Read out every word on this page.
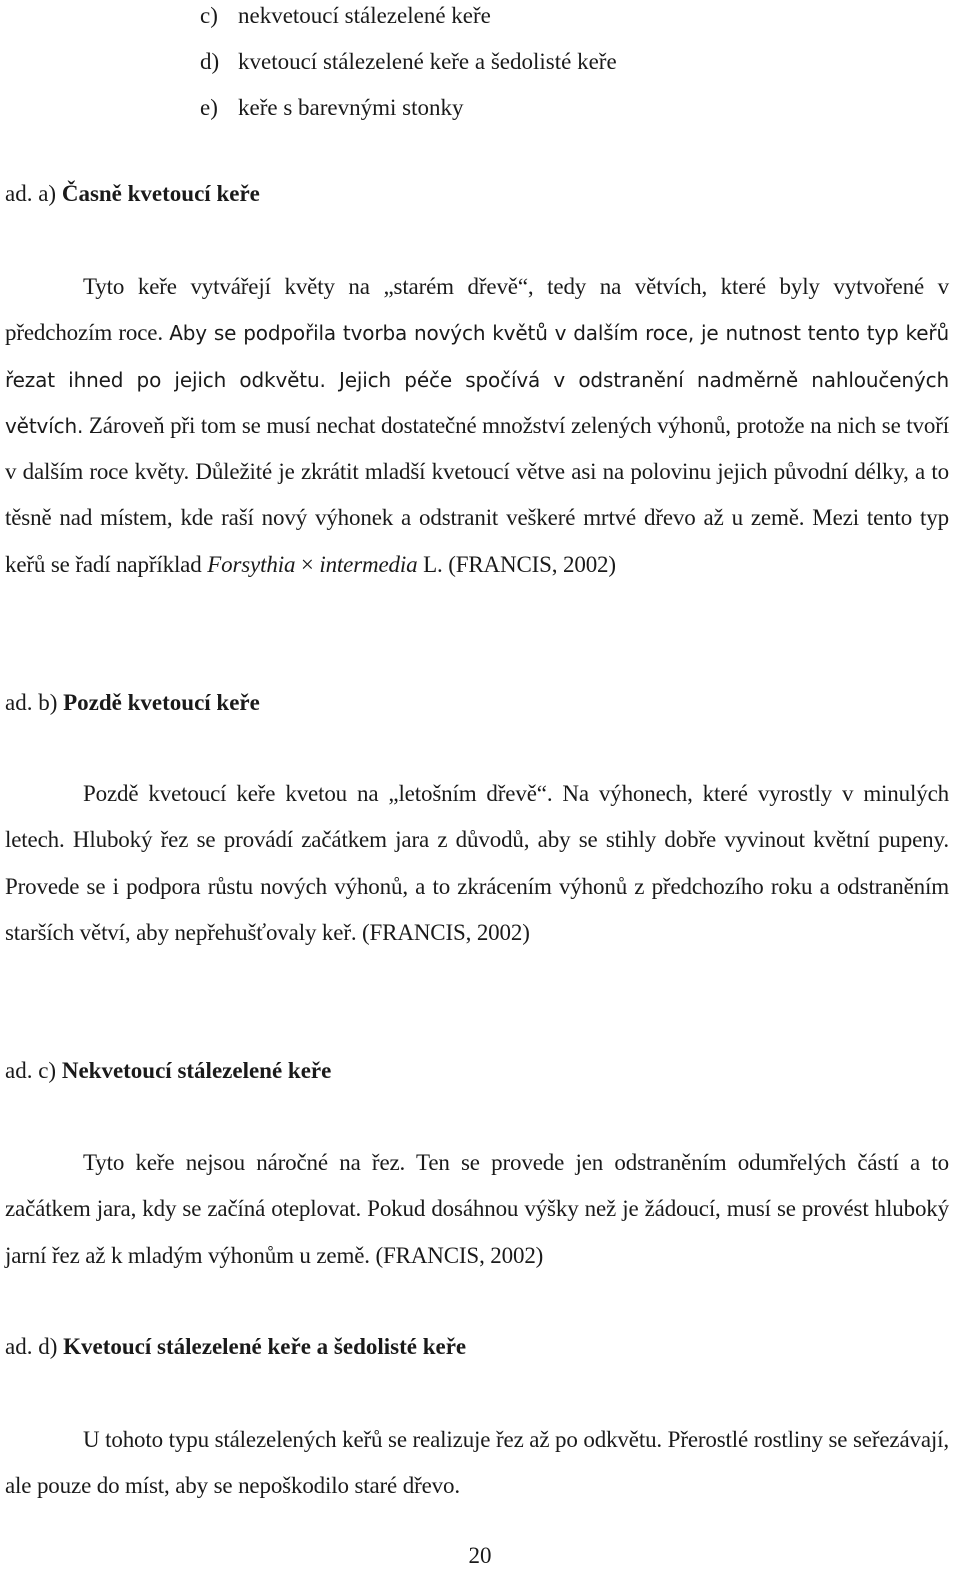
c) nekvetoucí stálezelené keře
d) kvetoucí stálezelené keře a šedolisté keře
e) keře s barevnými stonky
ad. a) Časně kvetoucí keře

Tyto keře vytvářejí květy na „starém dřevě“, tedy na větvích, které byly vytvořené v předchozím roce. Aby se podpořila tvorba nových květů v dalším roce, je nutnost tento typ keřů řezat ihned po jejich odkvětu. Jejich péče spočívá v odstranění nadměrně nahloučených větvích. Zároveň při tom se musí nechat dostatečné množství zelených výhonů, protože na nich se tvoří v dalším roce květy. Důležité je zkrátit mladší kvetoucí větve asi na polovinu jejich původní délky, a to těsně nad místem, kde raší nový výhonek a odstranit veškeré mrtvé dřevo až u země. Mezi tento typ keřů se řadí například Forsythia × intermedia L. (FRANCIS, 2002)

ad. b) Pozdě kvetoucí keře

Pozdě kvetoucí keře kvetou na „letošním dřevě“. Na výhonech, které vyrostly v minulých letech. Hluboký řez se provádí začátkem jara z důvodů, aby se stihly dobře vyvinout květní pupeny. Provede se i podpora růstu nových výhonů, a to zkrácením výhonů z předchozího roku a odstraněním starších větví, aby nepřehušťovaly keř. (FRANCIS, 2002)

ad. c) Nekvetoucí stálezelené keře

Tyto keře nejsou náročné na řez. Ten se provede jen odstraněním odumřelých částí a to začátkem jara, kdy se začíná oteplovat. Pokud dosáhnou výšky než je žádoucí, musí se provést hluboký jarní řez až k mladým výhonům u země. (FRANCIS, 2002)

ad. d) Kvetoucí stálezelené keře a šedolisté keře

U tohoto typu stálezelených keřů se realizuje řez až po odkvětu. Přerostlé rostliny se seřezávají, ale pouze do míst, aby se nepoškodilo staré dřevo.

20
